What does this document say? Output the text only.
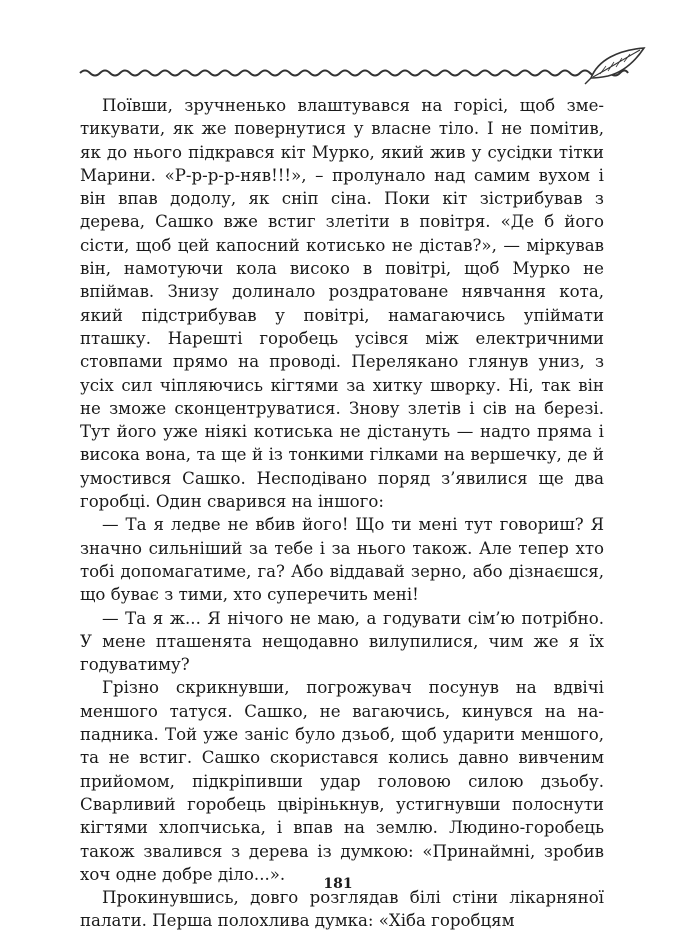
Поївши, зручненько влаштувався на горісі, щоб зметикувати, як же повернутися у власне тіло. І не помітив, як до нього підкрався кіт Мурко, який жив у сусідки тітки Марини. «Р-р-р-р-няв!!!», – пролунало над самим вухом і він впав додолу, як сніп сіна. Поки кіт зістрибував з дерева, Сашко вже встиг злетіти в повітря. «Де б його сісти, щоб цей капосний котисько не дістав?», — міркував він, намотуючи кола високо в повітрі, щоб Мурко не впіймав. Знизу долинало роздратоване нявчання кота, який підстрибував у повітрі, намагаючись упіймати пташку. Нарешті горобець усівся між електричними стовпами прямо на проводі. Перелякано глянув униз, з усіх сил чіпляючись кігтями за хитку шворку. Ні, так він не зможе сконцентруватися. Знову злетів і сів на березі. Тут його уже ніякі котиська не дістануть — надто пряма і висока вона, та ще й із тонкими гілками на вершечку, де й умостився Сашко. Несподівано поряд з’явилися ще два горобці. Один сварився на іншого:

— Та я ледве не вбив його! Що ти мені тут говориш? Я значно сильніший за тебе і за нього також. Але тепер хто тобі допомагатиме, га? Або віддавай зерно, або дізнаєшся, що буває з тими, хто суперечить мені!

— Та я ж... Я нічого не маю, а годувати сім’ю потрібно. У мене пташенята нещодавно вилупилися, чим же я їх годуватиму?

Грізно скрикнувши, погрожувач посунув на вдвічі меншого татуся. Сашко, не вагаючись, кинувся на нападника. Той уже заніс було дзьоб, щоб ударити меншого, та не встиг. Сашко скористався колись давно вивченим прийомом, підкріпивши удар головою силою дзьобу. Сварливий горобець цвірінькнув, устигнувши полоснути кігтями хлопчиська, і впав на землю. Людино-горобець також звалився з дерева із думкою: «Принаймні, зробив хоч одне добре діло...».

Прокинувшись, довго розглядав білі стіни лікарняної палати. Перша полохлива думка: «Хіба горобцям

181
